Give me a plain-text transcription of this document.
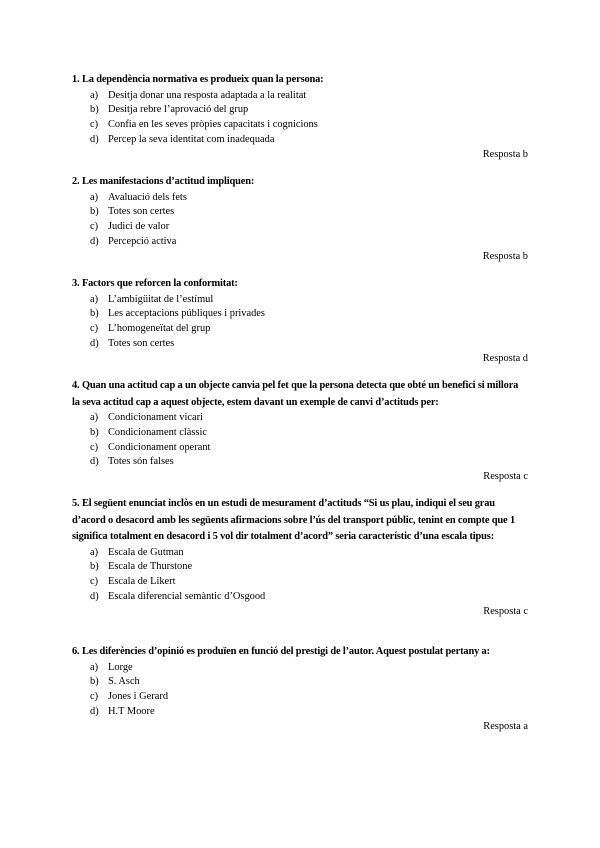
1. La dependència normativa es produeix quan la persona:

a) Desitja donar una resposta adaptada a la realitat
b) Desitja rebre l’aprovació del grup
c) Confia en les seves pròpies capacitats i cognicions
d) Percep la seva identitat com inadequada
Resposta b

2. Les manifestacions d’actitud impliquen:

a) Avaluació dels fets
b) Totes son certes
c) Judici de valor
d) Percepció activa
Resposta b

3. Factors que reforcen la conformitat:

a) L’ambigüitat de l’estímul
b) Les acceptacions públiques i privades
c) L’homogeneïtat del grup
d) Totes son certes
Resposta d

4. Quan una actitud cap a un objecte canvia pel fet que la persona detecta que obté un benefici si millora la seva actitud cap a aquest objecte, estem davant un exemple de canvi d’actituds per:

a) Condicionament vicari
b) Condicionament clàssic
c) Condicionament operant
d) Totes són falses
Resposta c

5. El següent enunciat inclòs en un estudi de mesurament d’actituds “Si us plau, indiqui el seu grau d’acord o desacord amb les següents afirmacions sobre l’ús del transport públic, tenint en compte que 1 significa totalment en desacord i 5 vol dir totalment d’acord” seria característic d’una escala tipus:

a) Escala de Gutman
b) Escala de Thurstone
c) Escala de Likert
d) Escala diferencial semàntic d’Osgood
Resposta c

6. Les diferències d’opinió es produïen en funció del prestigi de l’autor. Aquest postulat pertany a:

a) Lorge
b) S. Asch
c) Jones i Gerard
d) H.T Moore
Resposta a
